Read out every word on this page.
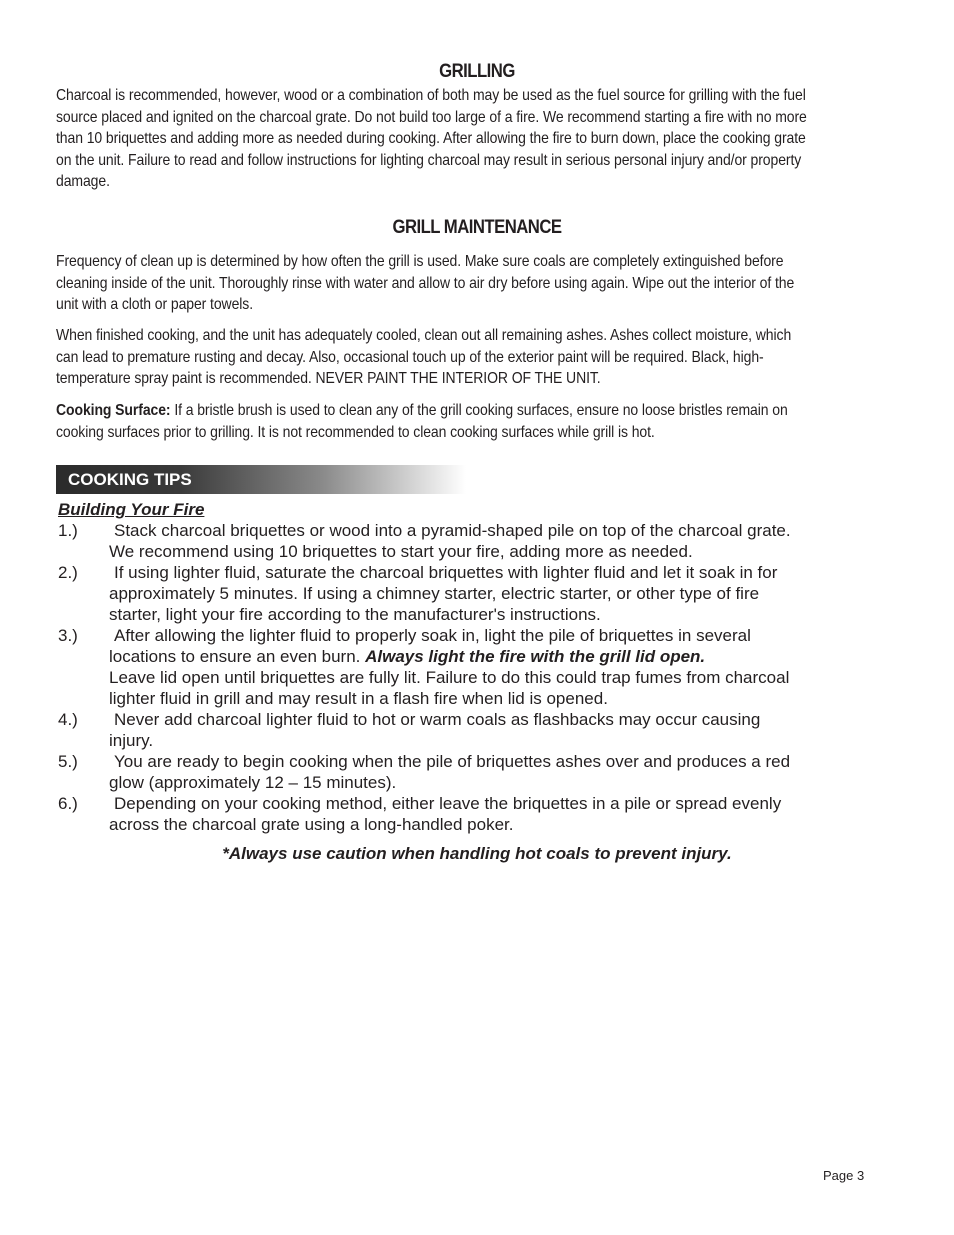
GRILLING
Charcoal is recommended, however, wood or a combination of both may be used as the fuel source for grilling with the fuel
source placed and ignited on the charcoal grate. Do not build too large of a fire. We recommend starting a fire with no more
than 10 briquettes and adding more as needed during cooking. After allowing the fire to burn down, place the cooking grate
on the unit. Failure to read and follow instructions for lighting charcoal may result in serious personal injury and/or property
damage.
GRILL MAINTENANCE
Frequency of clean up is determined by how often the grill is used. Make sure coals are completely extinguished before
cleaning inside of the unit. Thoroughly rinse with water and allow to air dry before using again. Wipe out the interior of the
unit with a cloth or paper towels.
When finished cooking, and the unit has adequately cooled, clean out all remaining ashes. Ashes collect moisture, which
can lead to premature rusting and decay. Also, occasional touch up of the exterior paint will be required. Black, high-
temperature spray paint is recommended. NEVER PAINT THE INTERIOR OF THE UNIT.
Cooking Surface: If a bristle brush is used to clean any of the grill cooking surfaces, ensure no loose bristles remain on
cooking surfaces prior to grilling. It is not recommended to clean cooking surfaces while grill is hot.
COOKING TIPS
Building Your Fire
1.) Stack charcoal briquettes or wood into a pyramid-shaped pile on top of the charcoal grate.
We recommend using 10 briquettes to start your fire, adding more as needed.
2.) If using lighter fluid, saturate the charcoal briquettes with lighter fluid and let it soak in for
approximately 5 minutes. If using a chimney starter, electric starter, or other type of fire
starter, light your fire according to the manufacturer's instructions.
3.) After allowing the lighter fluid to properly soak in, light the pile of briquettes in several
locations to ensure an even burn. Always light the fire with the grill lid open.
Leave lid open until briquettes are fully lit. Failure to do this could trap fumes from charcoal
lighter fluid in grill and may result in a flash fire when lid is opened.
4.) Never add charcoal lighter fluid to hot or warm coals as flashbacks may occur causing
injury.
5.) You are ready to begin cooking when the pile of briquettes ashes over and produces a red
glow (approximately 12 – 15 minutes).
6.) Depending on your cooking method, either leave the briquettes in a pile or spread evenly
across the charcoal grate using a long-handled poker.
*Always use caution when handling hot coals to prevent injury.
Page 3
